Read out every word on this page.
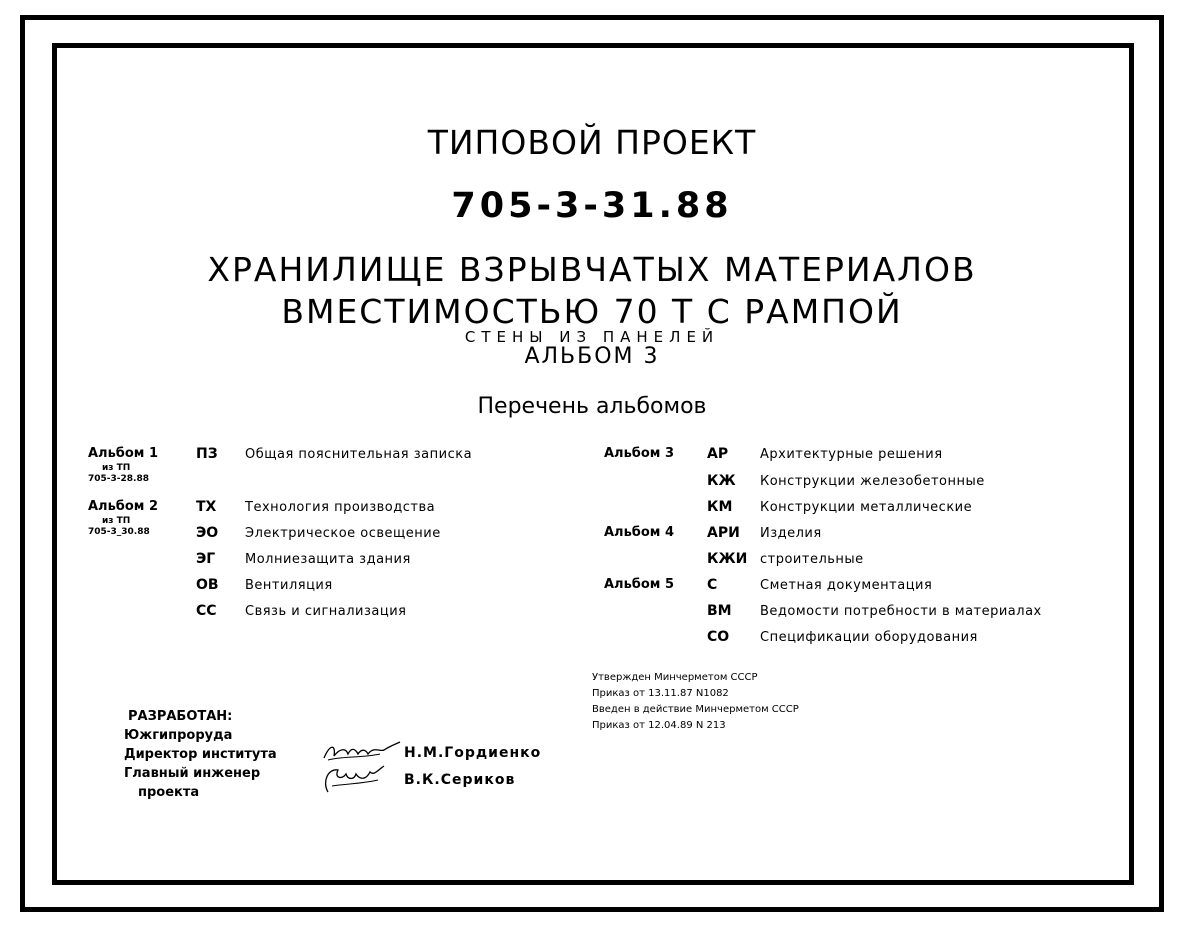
ТИПОВОЙ ПРОЕКТ
705-3-31.88
ХРАНИЛИЩЕ ВЗРЫВЧАТЫХ МАТЕРИАЛОВ
ВМЕСТИМОСТЬЮ 70 Т С РАМПОЙ
СТЕНЫ ИЗ ПАНЕЛЕЙ
АЛЬБОМ 3
Перечень альбомов
Альбом 1
из ТП
705-3-28.88
Альбом 2
из ТП
705-3_30.88
ПЗ Общая пояснительная записка
ТХ Технология производства
ЭО Электрическое освещение
ЭГ Молниезащита здания
ОВ Вентиляция
СС Связь и сигнализация
Альбом 3
Альбом 4
Альбом 5
АР Архитектурные решения
КЖ Конструкции железобетонные
КМ Конструкции металлические
АРИ Изделия
КЖИ строительные
С	Сметная документация
ВМ Ведомости потребности в материалах
СО Спецификации оборудования
Утвержден Минчерметом СССР
Приказ от 13.11.87 N1082
Введен в действие Минчерметом СССР
Приказ от 12.04.89 N 213
РАЗРАБОТАН:
Южгипроруда
Директор института	Н.М.Гордиенко
Главный инженер
проекта
В.К.Сериков
